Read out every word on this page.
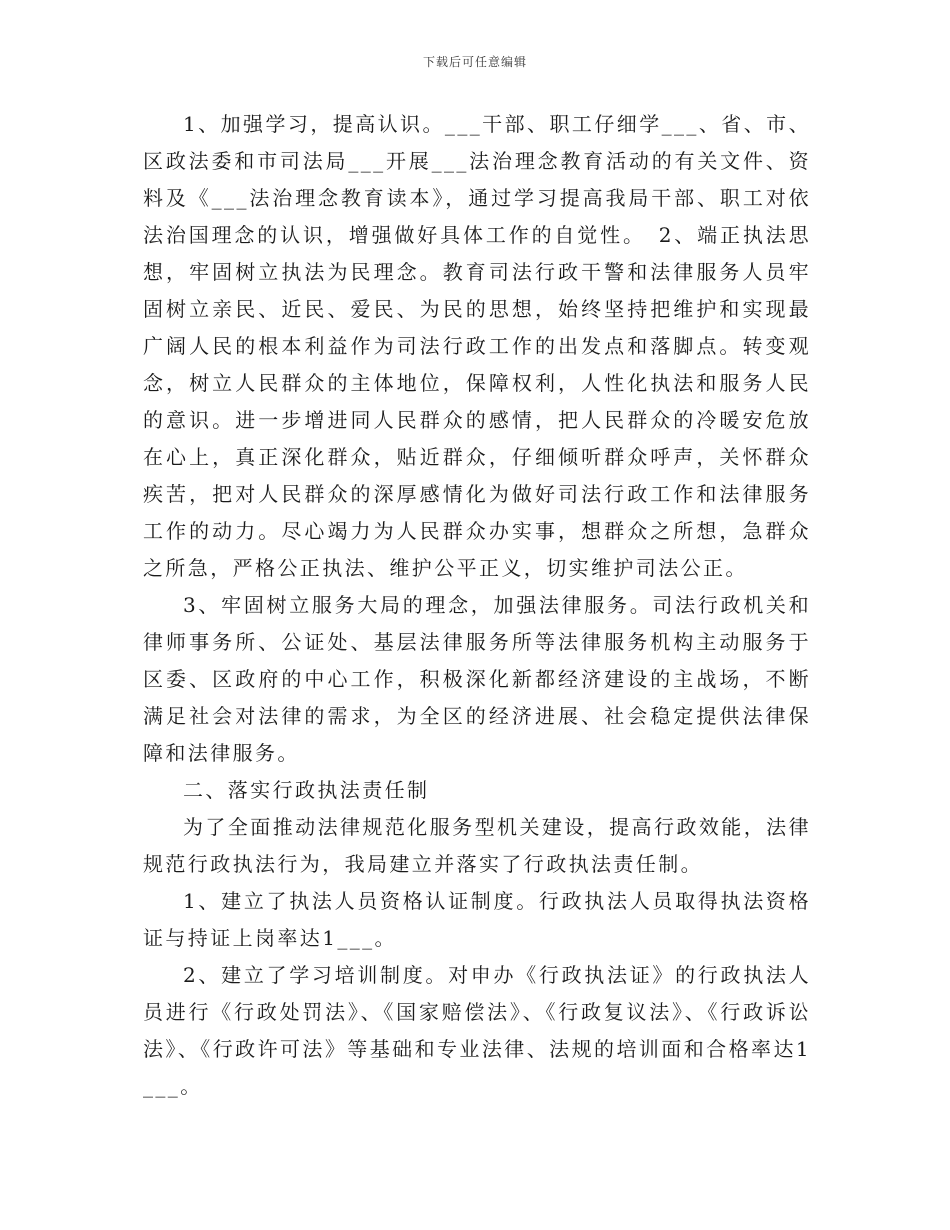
下载后可任意编辑

1、加强学习，提高认识。___干部、职工仔细学___、省、市、区政法委和市司法局___开展___法治理念教育活动的有关文件、资料及《___法治理念教育读本》，通过学习提高我局干部、职工对依法治国理念的认识，增强做好具体工作的自觉性。　2、端正执法思想，牢固树立执法为民理念。教育司法行政干警和法律服务人员牢固树立亲民、近民、爱民、为民的思想，始终坚持把维护和实现最广阔人民的根本利益作为司法行政工作的出发点和落脚点。转变观念，树立人民群众的主体地位，保障权利，人性化执法和服务人民的意识。进一步增进同人民群众的感情，把人民群众的冷暖安危放在心上，真正深化群众，贴近群众，仔细倾听群众呼声，关怀群众疾苦，把对人民群众的深厚感情化为做好司法行政工作和法律服务工作的动力。尽心竭力为人民群众办实事，想群众之所想，急群众之所急，严格公正执法、维护公平正义，切实维护司法公正。

3、牢固树立服务大局的理念，加强法律服务。司法行政机关和律师事务所、公证处、基层法律服务所等法律服务机构主动服务于区委、区政府的中心工作，积极深化新都经济建设的主战场，不断满足社会对法律的需求，为全区的经济进展、社会稳定提供法律保障和法律服务。

二、落实行政执法责任制

为了全面推动法律规范化服务型机关建设，提高行政效能，法律规范行政执法行为，我局建立并落实了行政执法责任制。

1、建立了执法人员资格认证制度。行政执法人员取得执法资格证与持证上岗率达1___。

2、建立了学习培训制度。对申办《行政执法证》的行政执法人员进行《行政处罚法》、《国家赔偿法》、《行政复议法》、《行政诉讼法》、《行政许可法》等基础和专业法律、法规的培训面和合格率达1___。
